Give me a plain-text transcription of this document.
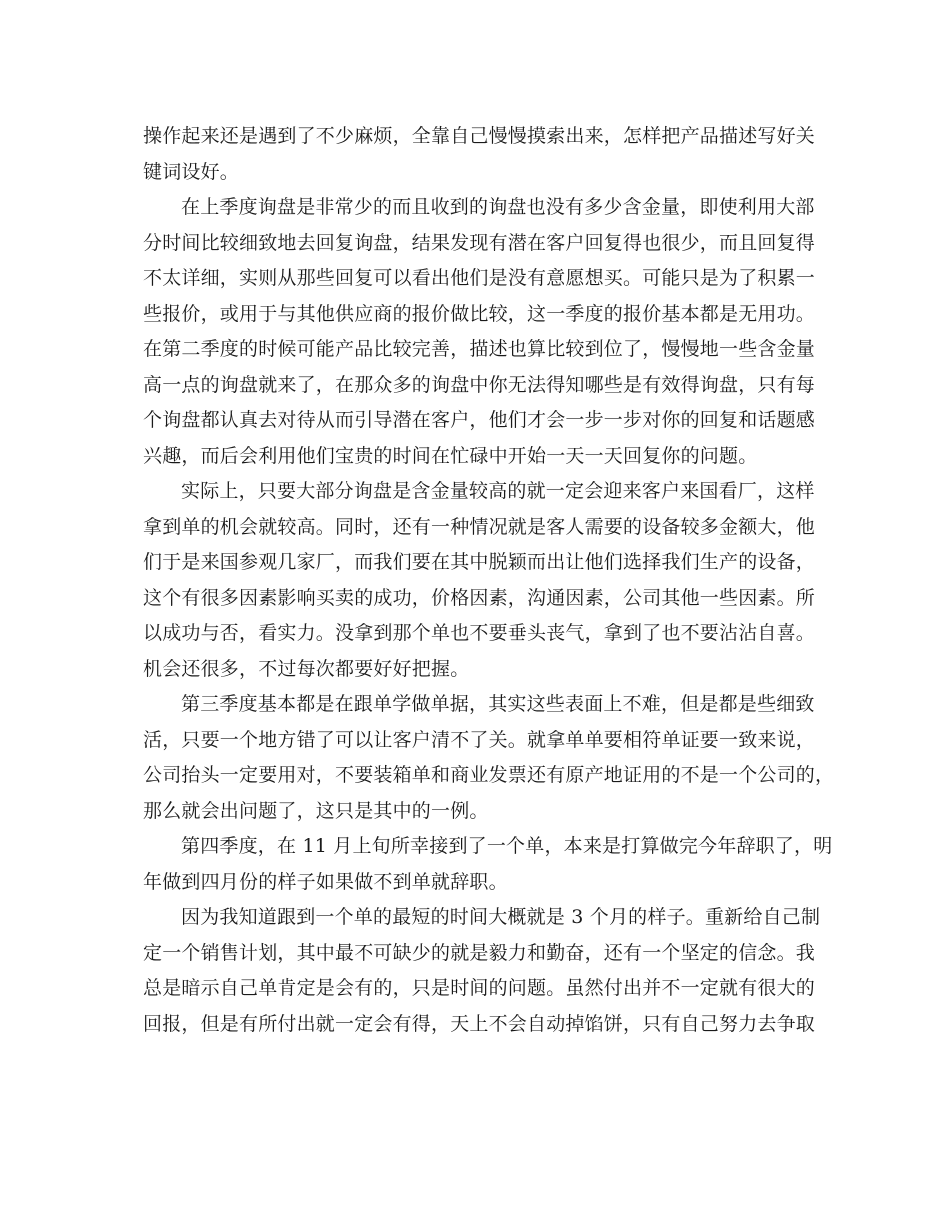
操作起来还是遇到了不少麻烦，全靠自己慢慢摸索出来，怎样把产品描述写好关
键词设好。
在上季度询盘是非常少的而且收到的询盘也没有多少含金量，即使利用大部
分时间比较细致地去回复询盘，结果发现有潜在客户回复得也很少，而且回复得
不太详细，实则从那些回复可以看出他们是没有意愿想买。可能只是为了积累一
些报价，或用于与其他供应商的报价做比较，这一季度的报价基本都是无用功。
在第二季度的时候可能产品比较完善，描述也算比较到位了，慢慢地一些含金量
高一点的询盘就来了，在那众多的询盘中你无法得知哪些是有效得询盘，只有每
个询盘都认真去对待从而引导潜在客户，他们才会一步一步对你的回复和话题感
兴趣，而后会利用他们宝贵的时间在忙碌中开始一天一天回复你的问题。
实际上，只要大部分询盘是含金量较高的就一定会迎来客户来国看厂，这样
拿到单的机会就较高。同时，还有一种情况就是客人需要的设备较多金额大，他
们于是来国参观几家厂，而我们要在其中脱颖而出让他们选择我们生产的设备，
这个有很多因素影响买卖的成功，价格因素，沟通因素，公司其他一些因素。所
以成功与否，看实力。没拿到那个单也不要垂头丧气，拿到了也不要沾沾自喜。
机会还很多，不过每次都要好好把握。
第三季度基本都是在跟单学做单据，其实这些表面上不难，但是都是些细致
活，只要一个地方错了可以让客户清不了关。就拿单单要相符单证要一致来说，
公司抬头一定要用对，不要装箱单和商业发票还有原产地证用的不是一个公司的，
那么就会出问题了，这只是其中的一例。
第四季度，在 11 月上旬所幸接到了一个单，本来是打算做完今年辞职了，明
年做到四月份的样子如果做不到单就辞职。
因为我知道跟到一个单的最短的时间大概就是 3 个月的样子。重新给自己制
定一个销售计划，其中最不可缺少的就是毅力和勤奋，还有一个坚定的信念。我
总是暗示自己单肯定是会有的，只是时间的问题。虽然付出并不一定就有很大的
回报，但是有所付出就一定会有得，天上不会自动掉馅饼，只有自己努力去争取
